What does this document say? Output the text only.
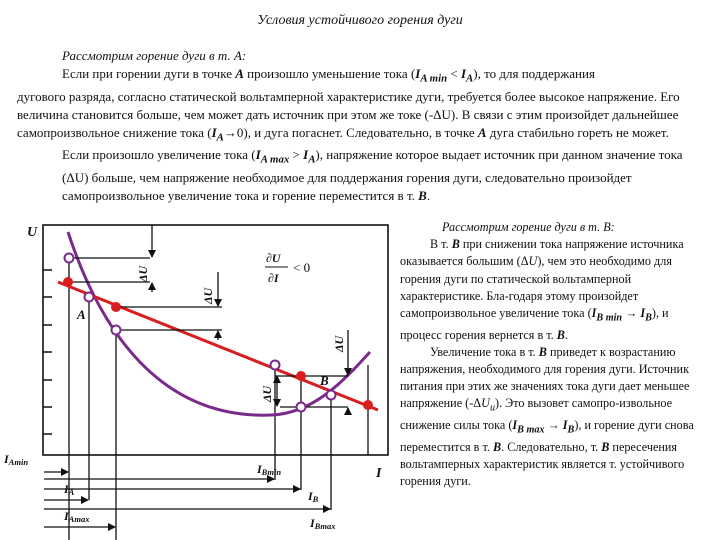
Условия устойчивого горения дуги

Рассмотрим горение дуги в т. А:

Если при горении дуги в точке А произошло уменьшение тока $(I_{A min} < I_A)$, то для поддержания

дугового разряда, согласно статической вольтамперной характеристике дуги, требуется более высокое напряжение. Его величина становится больше, чем может дать источник при этом же токе (-ΔU). В связи с этим произойдет дальнейшее самопроизвольное снижение тока $(I_A\to 0)$, и дуга погаснет. Следовательно, в точке А дуга стабильно гореть не может.

Если произошло увеличение тока $(I_{A max} > I_A)$, напряжение которое выдает источник при данном значение тока (ΔU) больше, чем напряжение необходимое для поддержания горения дуги, следовательно произойдет самопроизвольное увеличение тока и горение переместится в т. В.

Рассмотрим горение дуги в т. В:

В т. В при снижении тока напряжение источника оказывается большим (ΔU), чем это необходимо для горения дуги по статической вольтамперной характеристике. Бла-годаря этому произойдет самопроизвольное увеличение тока $(I_{B min} \to I_B)$, и процесс горения вернется в т. В.

Увеличение тока в т. В приведет к возрастанию напряжения, необходимого для горения дуги. Источник питания при этих же значениях тока дуги дает меньшее напряжение $(-\Delta U_и)$. Это вызовет самопро-извольное снижение силы тока $(I_{B max} \to I_B)$, и горение дуги снова переместится в т. В. Следовательно, т. В пересечения вольтамперных характеристик является т. устойчивого горения дуги.

ΔU
ΔU
ΔU
ΔU
∂U
∂I
< 0
U
I
A
B
IAmin
IA
IAmax
IBmin
IB
IBmax
